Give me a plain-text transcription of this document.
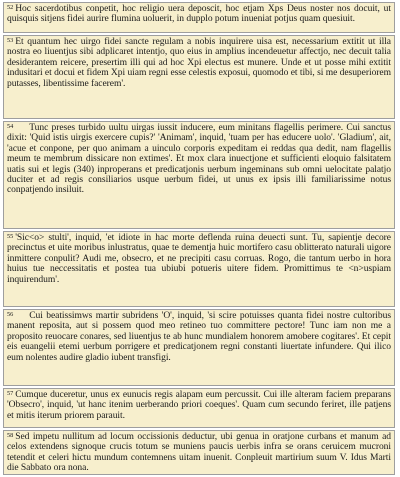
$^{52}$ Hoc sacerdotibus conpetit, hoc religio uera deposcit, hoc etjam Xps Deus noster nos docuit, ut quisquis sitjens fidei aurire flumina uoluerit, in dupplo potum inueniat potjus quam quesiuit.
$^{53}$ Et quantum hec uirgo fidei sancte regulam a nobis inquirere uisa est, necessarium extitit ut illa nostra eo liuentjus sibi adplicaret intentjo, quo eius in amplius incendeuetur affectjo, nec decuit talia desiderantem reicere, presertim illi qui ad hoc Xpi electus est munere. Unde et ut posse mihi extitit indusitari et docui et fidem Xpi uiam regni esse celestis exposui, quomodo et tibi, si me desuperiorem putasses, libentissime facerem'.
$^{54}$ Tunc preses turbido uultu uirgas iussit inducere, eum minitans flagellis perimere. Cui sanctus dixit: 'Quid istis uirgis exercere cupis?' 'Animam', inquid, 'tuam per has educere uolo'. 'Gladium', ait, 'acue et conpone, per quo animam a uinculo corporis expeditam ei reddas qua dedit, nam flagellis meum te membrum dissicare non extimes'. Et mox clara inuectjone et sufficienti eloquio falsitatem uatis sui et legis (340) inproperans et predicatjonis uerbum ingeminans sub omni uelocitate palatjo duciter et ad regis consiliarios usque uerbum fidei, ut unus ex ipsis illi familiarissime notus conpatjendo insiluit.
$^{55}$ 'Sic<o> stulti', inquid, 'et idiote in hac morte deflenda ruina deuecti sunt. Tu, sapientje decore precinctus et uite moribus inlustratus, quae te dementja huic mortifero casu oblitterato naturali uigore inmittere conpulit? Audi me, obsecro, et ne precipiti casu corruas. Rogo, die tantum uerbo in hora huius tue neccessitatis et postea tua ubiubi potueris uitere fidem. Promittimus te <n>uspiam inquirendum'.
$^{56}$ Cui beatissimws martir subridens 'O', inquid, 'si scire potuisses quanta fidei nostre cultoribus manent reposita, aut si possem quod meo retineo tuo committere pectore! Tunc iam non me a proposito reuocare conares, sed liuentjus te ab hunc mundialem honorem amobere cogitares'. Et cepit eis euangelii etemi uerbum porrigere et predicatjonem regni constanti liuertate infundere. Qui ilico eum nolentes audire gladio iubent transfigi.
$^{57}$ Cumque duceretur, unus ex eunucis regis alapam eum percussit. Cui ille alteram faciem preparans 'Obsecro', inquid, 'ut hanc itenim uerberando priori coeques'. Quam cum secundo feriret, ille patjens et mitis iterum priorem parauit.
$^{58}$ Sed impetu nullitum ad locum occissionis deductur, ubi genua in oratjone curbans et manum ad celos extendens signoque crucis totum se muniens paucis uerbis infra se orans ceruicem mucroni tetendit et celeri hictu mundum contemnens uitam inuenit. Conpleuit martirium suum V. Idus Marti die Sabbato ora nona.
